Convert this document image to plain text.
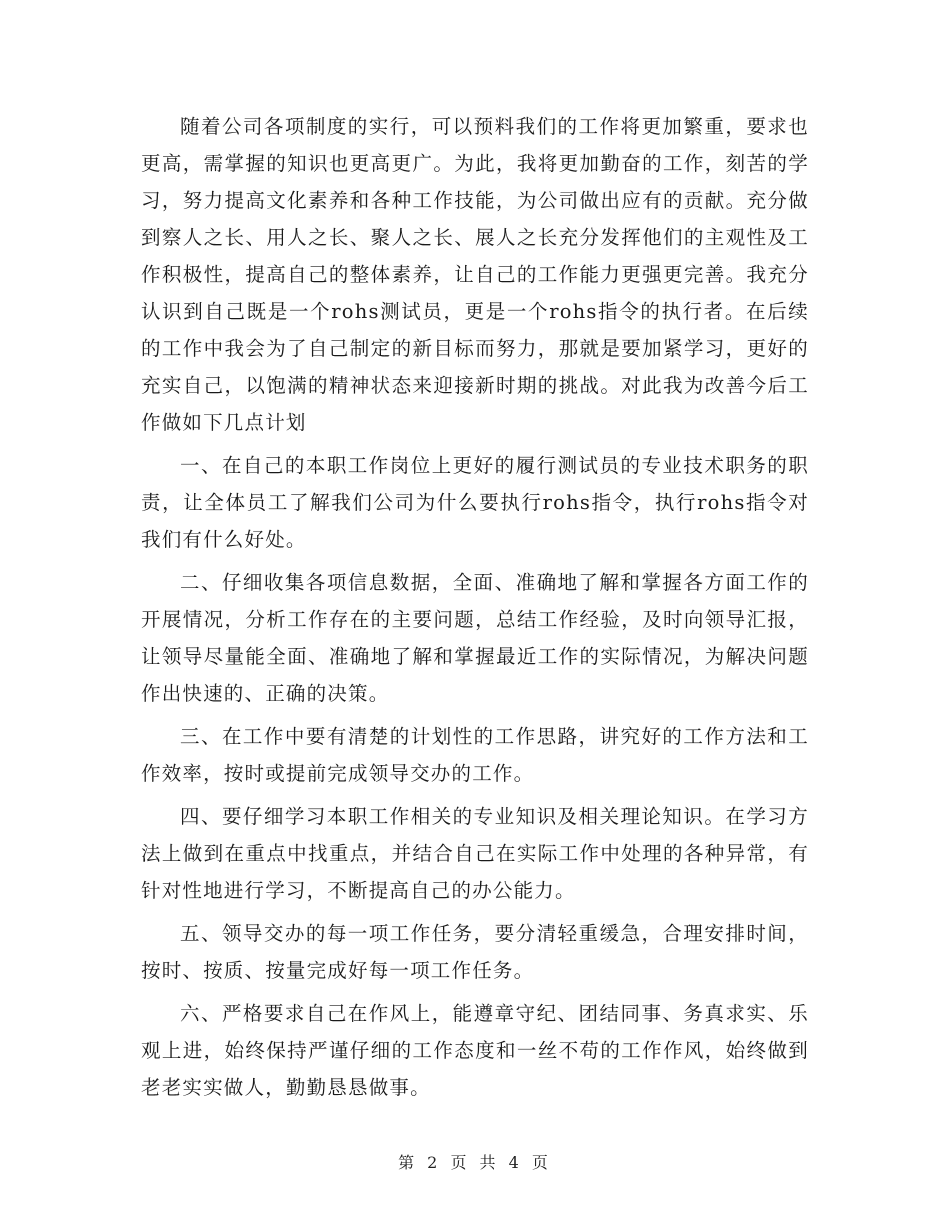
随着公司各项制度的实行，可以预料我们的工作将更加繁重，要求也更高，需掌握的知识也更高更广。为此，我将更加勤奋的工作，刻苦的学习，努力提高文化素养和各种工作技能，为公司做出应有的贡献。充分做到察人之长、用人之长、聚人之长、展人之长充分发挥他们的主观性及工作积极性，提高自己的整体素养，让自己的工作能力更强更完善。我充分认识到自己既是一个rohs测试员，更是一个rohs指令的执行者。在后续的工作中我会为了自己制定的新目标而努力，那就是要加紧学习，更好的充实自己，以饱满的精神状态来迎接新时期的挑战。对此我为改善今后工作做如下几点计划

一、在自己的本职工作岗位上更好的履行测试员的专业技术职务的职责，让全体员工了解我们公司为什么要执行rohs指令，执行rohs指令对我们有什么好处。

二、仔细收集各项信息数据，全面、准确地了解和掌握各方面工作的开展情况，分析工作存在的主要问题，总结工作经验，及时向领导汇报，让领导尽量能全面、准确地了解和掌握最近工作的实际情况，为解决问题作出快速的、正确的决策。

三、在工作中要有清楚的计划性的工作思路，讲究好的工作方法和工作效率，按时或提前完成领导交办的工作。

四、要仔细学习本职工作相关的专业知识及相关理论知识。在学习方法上做到在重点中找重点，并结合自己在实际工作中处理的各种异常，有针对性地进行学习，不断提高自己的办公能力。

五、领导交办的每一项工作任务，要分清轻重缓急，合理安排时间，按时、按质、按量完成好每一项工作任务。

六、严格要求自己在作风上，能遵章守纪、团结同事、务真求实、乐观上进，始终保持严谨仔细的工作态度和一丝不苟的工作作风，始终做到老老实实做人，勤勤恳恳做事。

第 2 页 共 4 页
